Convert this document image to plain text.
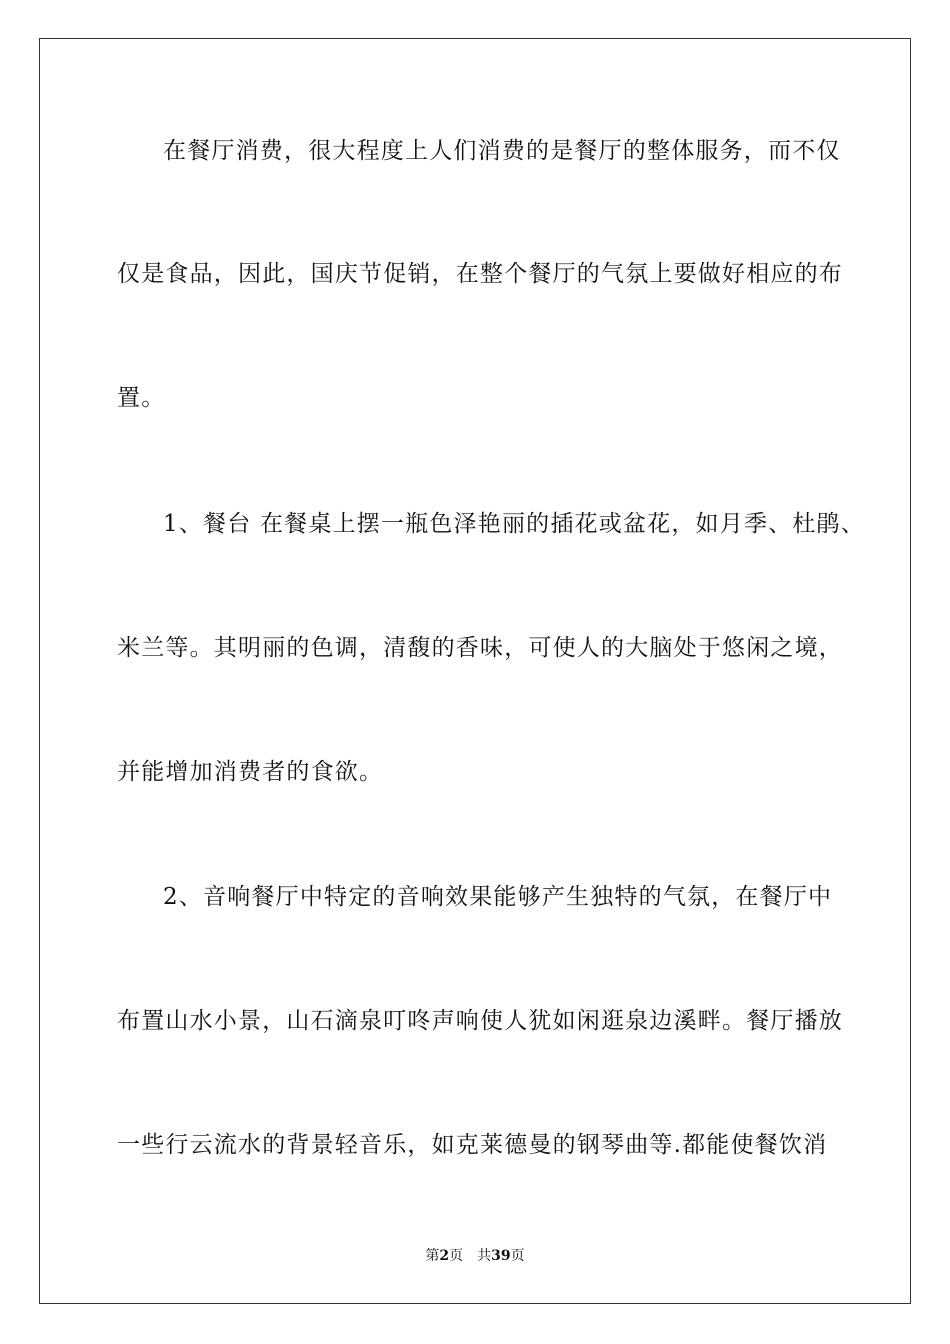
在餐厅消费，很大程度上人们消费的是餐厅的整体服务，而不仅
仅是食品，因此，国庆节促销，在整个餐厅的气氛上要做好相应的布
置。
1、餐台 在餐桌上摆一瓶色泽艳丽的插花或盆花，如月季、杜鹃、
米兰等。其明丽的色调，清馥的香味，可使人的大脑处于悠闲之境，
并能增加消费者的食欲。
2、音响餐厅中特定的音响效果能够产生独特的气氛，在餐厅中
布置山水小景，山石滴泉叮咚声响使人犹如闲逛泉边溪畔。餐厅播放
一些行云流水的背景轻音乐，如克莱德曼的钢琴曲等.都能使餐饮消
第2页 共39页
